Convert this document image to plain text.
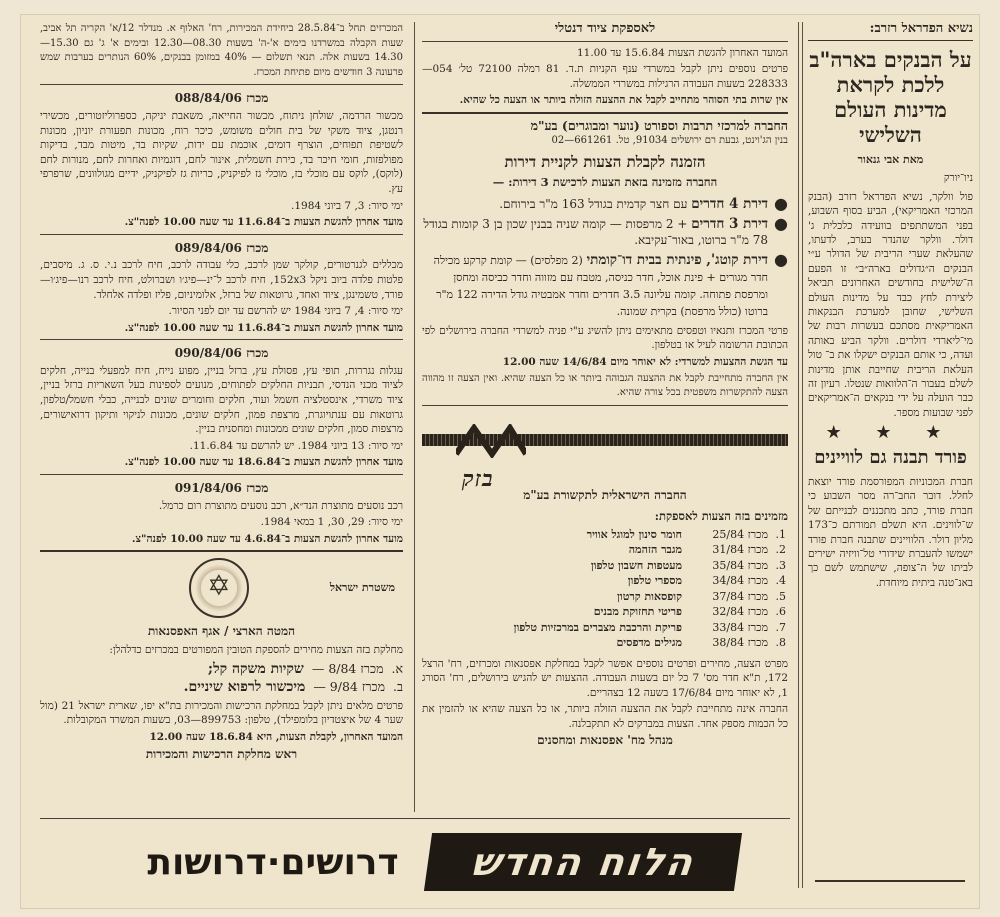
המכרזים תחל ב־28.5.84 ביחידת המכירות, רח' האלוף א. מנדלר 12/א' הקריה תל אביב, שעות הקבלה במשרדנו בימים א'-ה' בשעות 08.30—12.30 ובימים א' ג' גם 15.30—14.30 בשעות אלה. תנאי תשלום — 40% במזומן בבנקים, 60% הנותרים בערבות שמש פרעונה 3 חודשים מיום פתיחת המכרז.

מכרז 088/84/06

מכשור הרדמה, שולחן ניתוח, מכשור החייאה, משאבת יניקה, כספרוליזטורים, מכשירי רנטגן, ציוד משקי של בית חולים משומש, כיכר רוח, מכונות תפעורת יוניון, מכונות לשטיפת תפוחים, הוצרף דומים, אוכמת עם ידות, שקיות בד, מיטות מבד, בדיקות מפולפזות, חומי חיכר בד, כירת חשמלית, אינור לחם, דוגמיות ואחרות לחם, מנורות לחם (לוקס), לוקס עם מוכלי בז, מוכלי גז לפיקניק, כריות גז לפיקניק, ידיים מגולוונים, שרפרפי עץ.

ימי סיור: 3, 7 ביוני 1984.

מועד אחרון להגשת הצעות ב־11.6.84 עד שעה 10.00 לפנה"צ.

מכרז 089/84/06

מכללים לגנרטורים, קולקר שמן לרכב, כלי עבודה לרכב, חיח לרכב נ.י. ס. ג. מיסבים, פלטות פלדה ביוב ניקל 152x3, חיח לרכב ל־ינ—פיג׳ו ושברולט, חיח לרכב רנו—פיג׳ו—פורד, טשמינגן, ציוד ואחד, גרוטאות של ברזל, אלומיניום, פליז ופלדה אלחלד.

ימי סיור: 4, 7 ביוני 1984 יש להרשם עד יום לפני הסיור.

מועד אחרון להגשת הצעות ב־11.6.84 עד שעה 10.00 לפנה"צ.

מכרז 090/84/06

עגלות נגררות, תופי עץ, פסולת עץ, ברזל בניין, מפוע נייח, חיח למפעלי בנייה, חלקים לציוד מכני הנדסי, תבניות החלקים לפתוחים, מנועים לספינות בעל השאריות ברזל בניין, ציוד משרדי, אינסטלציה חשמל ועוד, חלקים וחומרים שונים לבנייה, כבלי חשמל/טלפון, גרוטאות עם ענתויוגרת, מרצפת פמון, חלקים שונים, מכונות לניקוי ותיקון דרואישורים, מרצפות סמון, חלקים שונים ממכונות ומחסנית בניין.

ימי סיור: 13 ביוני 1984. יש להרשם עד 11.6.84.

מועד אחרון להגשת הצעות ב־18.6.84 עד שעה 10.00 לפנה"צ.

מכרז 091/84/06

רכב נוסעים מתוצרת הנד״א, רכב נוסעים מתוצרת רום כרמל.

ימי סיור: 29, 30, 1 במאי 1984.

מועד אחרון להגשת הצעות ב־4.6.84 עד שעה 10.00 לפנה"צ.

משטרת ישראל
✡
המטה הארצי / אגף האפסנאות

מחלקת בזה הצעות מחירים להספקת הטובין המפורטים במכרזים כדלהלן:

א.
מכרז 8/84 —
שקיות משקה קל;
ב.
מכרז 9/84 —
מיכשור לרפוא שיניים.

פרטים מלאים ניתן לקבל במחלקת הרכישות והמכירות בת"א יפו, שארית ישראל 21 (מול שער 4 של איצטדיון בלומפילד), טלפון: 899753—03, בשעות המשרד המקובלות.

המועד האחרון, לקבלת הצעות, היא 18.6.84 שעה 12.00

ראש מחלקת הרכישות והמכירות
לאספקת ציוד דנטלי

המועד האחרון להגשת הצעות 15.6.84 עד 11.00

פרטים נוספים ניתן לקבל במשרדי ענף הקניות ת.ד. 81 רמלה 72100 טל׳ 054—228333 בשעות העבודה הרגילות במשרדי הממשלה.

אין שרות בתי הסוהר מתחייב לקבל את ההצעה הזולה ביותר או הצעה כל שהיא.

החברה למרכזי תרבות וספורט (נוער ומבוגרים) בע"מ
בנין הג'וינט, גבעת רם ירושלים 91034, טל. 661261—02
הזמנה לקבלת הצעות לקניית דירות
החברה מזמינה בזאת הצעות לרכישת 3 דירות: —
●
דירת 4 חדרים עם חצר קדמית בגודל 163 מ"ר בירוחם.
●
דירת 3 חדרים + 2 מרפסות — קומה שניה בבנין שכון בן 3 קומות בגודל 78 מ"ר ברוטו, באור־עקיבא.
●
דירת קוטג', פינתית בבית דו־קומתי (2 מפלסים) — קומת קרקע מכילה חדר מגורים + פינת אוכל, חדר כניסה, מטבח עם מזווה וחדר כביסה ומחסן ומרפסת פתוחה. קומה עליונה 3.5 חדרים וחדר אמבטיה גודל הדירה 122 מ"ר ברוטו (כולל מרפסת) בקרית שמונה.

פרטי המכרז ותנאיו וטפסים מתאימים ניתן להשיג ע"י פניה למשרדי החברה בירושלים לפי הכתובת הרשומה לעיל או בטלפון.

עד הגשת ההצעות למשרדי: לא יאוחר מיום 14/6/84 שעה 12.00

אין החברה מתחייבת לקבל את ההצעה הגבוהה ביותר או כל הצעה שהיא. ואין הצעה זו מהווה הצעה להתקשרות משפטית בכל צורה שהיא.

בזק
החברה הישראלית לתקשורת בע"מ
מזמינים בזה הצעות לאספקת:
1.	מכרז 25/84	חומר סינון למוגל אוויר
2.	מכרז 31/84	מגבר הזהמה
3.	מכרז 35/84	מעטפות חשבון טלפון
4.	מכרז 34/84	מספרי טלפון
5.	מכרז 37/84	קופסאות קרטון
6.	מכרז 32/84	פריטי תחזוקת מבנים
7.	מכרז 33/84	פריקת והרכבת מצברים במרכזיות טלפון
8.	מכרז 38/84	מגילים מדפסים

מפרט הצעה, מחירים ופרטים נוספים אפשר לקבל במחלקת אפסנאות ומכרזים, רח' הרצל 172, ת"א חדר מס' 7 כל יום בשעות העבודה. ההצעות יש להגיש בירושלים, רח' הסורג 1, לא יאוחר מיום 17/6/84 בשעה 12 בצהריים.

החברה אינה מתחייבת לקבל את ההצעה הזולה ביותר, או כל הצעה שהיא או להזמין את כל הכמות מספק אחד. הצעות במברקים לא תתקבלנה.

מנהל מח' אפסנאות ומחסנים
נשיא הפדראל רזרב:
על הבנקים בארה"ב ללכת לקראת מדינות העולם השלישי
מאת אבי גנאור
ניו־יורק
פול וולקר, נשיא הפדראל רזרב (הבנק המרכזי האמריקאי), הביע בסוף השבוע, בפני המשתתפים בוועידה כלכלית ג' דולר. וולקר שהנדר בערב, לדעתו, שהעלאת שערי הריבית של הדולר ע״י הבנקים ה״גדולים בארה״ב״ זו הפעם ה־שלישית בחודשים האחרונים תביאל ליצירת לחץ כבד על מדינות העולם השלישי, שחובן למערכת הבנקאות האמריקאית מסתכם בעשרות רבות של מי־ליארדי דולרים. וולקר הביע באותה ועדה, כי אותם הבנקים ישקלו את ב־ טול העלאת הריבית שחייבת אותן מדינות לשלם בעבור ה־הלוואות שנטלו. רעיון זה כבר הועלה על ידי בנקאים ה־אמריקאים לפני שבועות מספר.
★ ★ ★
פורד תבנה גם לוויינים
חברת המכוניות המפורסמת פורד יוצאת לחלל. דובר החב־רה מסר השבוע כי חברת פורד, כתב מתכננים לבנייתם של ש־לווינים. היא תשלם תמורתם כ־173 מליון דולר. הלוויינים שתבנה חברת פורד ישמשו להעברת שידורי טל־וויזיה ישירים לביתו של ה־צופה, שישתמש לשם כך באנ־טנה ביתית מיוחדת.
הלוח החדש
דרושים·דרושות
